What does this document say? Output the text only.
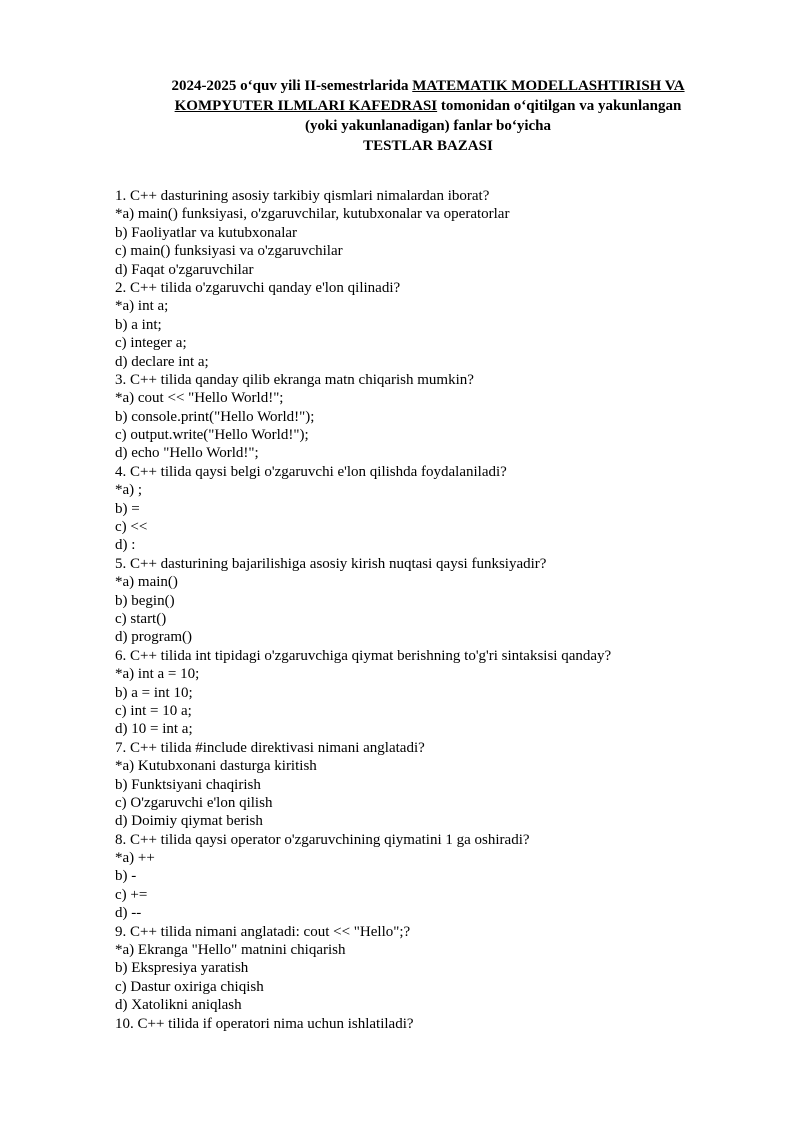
2024-2025 o‘quv yili II-semestrlarida MATEMATIK MODELLASHTIRISH VA
KOMPYUTER ILMLARI KAFEDRASI tomonidan o‘qitilgan va yakunlangan
(yoki yakunlanadigan) fanlar bo‘yicha
TESTLAR BAZASI
1. C++ dasturining asosiy tarkibiy qismlari nimalardan iborat?
*a) main() funksiyasi, o'zgaruvchilar, kutubxonalar va operatorlar
b) Faoliyatlar va kutubxonalar
c) main() funksiyasi va o'zgaruvchilar
d) Faqat o'zgaruvchilar
2. C++ tilida o'zgaruvchi qanday e'lon qilinadi?
*a) int a;
b) a int;
c) integer a;
d) declare int a;
3. C++ tilida qanday qilib ekranga matn chiqarish mumkin?
*a) cout << "Hello World!";
b) console.print("Hello World!");
c) output.write("Hello World!");
d) echo "Hello World!";
4. C++ tilida qaysi belgi o'zgaruvchi e'lon qilishda foydalaniladi?
*a) ;
b) =
c) <<
d) :
5. C++ dasturining bajarilishiga asosiy kirish nuqtasi qaysi funksiyadir?
*a) main()
b) begin()
c) start()
d) program()
6. C++ tilida int tipidagi o'zgaruvchiga qiymat berishning to'g'ri sintaksisi qanday?
*a) int a = 10;
b) a = int 10;
c) int = 10 a;
d) 10 = int a;
7. C++ tilida #include direktivasi nimani anglatadi?
*a) Kutubxonani dasturga kiritish
b) Funktsiyani chaqirish
c) O'zgaruvchi e'lon qilish
d) Doimiy qiymat berish
8. C++ tilida qaysi operator o'zgaruvchining qiymatini 1 ga oshiradi?
*a) ++
b) -
c) +=
d) --
9. C++ tilida nimani anglatadi: cout << "Hello";?
*a) Ekranga "Hello" matnini chiqarish
b) Ekspresiya yaratish
c) Dastur oxiriga chiqish
d) Xatolikni aniqlash
10. C++ tilida if operatori nima uchun ishlatiladi?
